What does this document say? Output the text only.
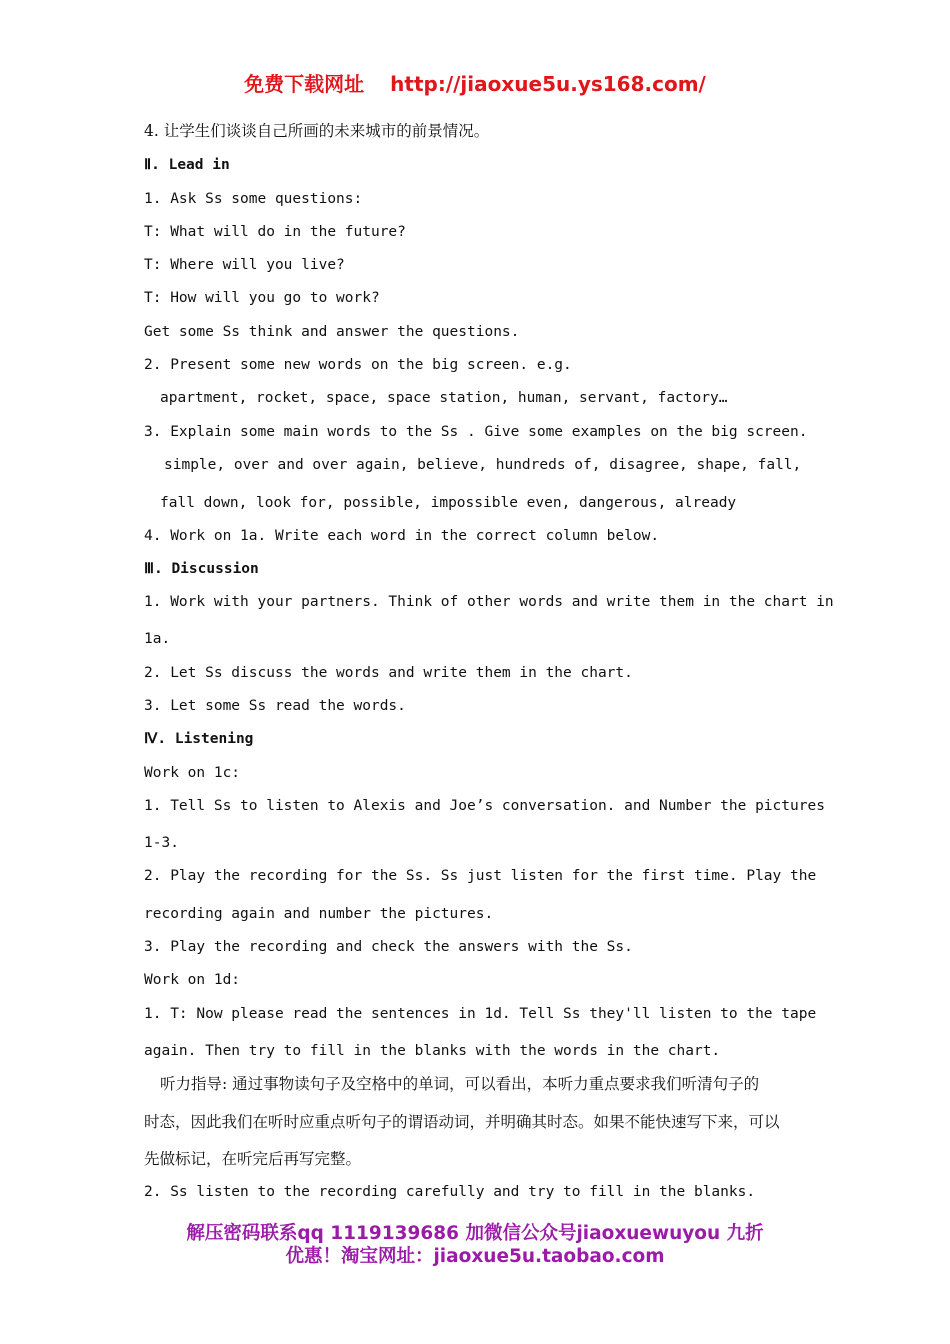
免费下载网址 http://jiaoxue5u.ys168.com/
4. 让学生们谈谈自己所画的未来城市的前景情况。
Ⅱ. Lead in
1. Ask Ss some questions:
T: What will do in the future?
T: Where will you live?
T: How will you go to work?
Get some Ss think and answer the questions.
2. Present some new words on the big screen. e.g.
apartment, rocket, space, space station, human, servant, factory…
3. Explain some main words to the Ss . Give some examples on the big screen.
simple, over and over again, believe, hundreds of, disagree, shape, fall,
fall down, look for, possible, impossible even, dangerous, already
4. Work on 1a. Write each word in the correct column below.
Ⅲ. Discussion
1. Work with your partners. Think of other words and write them in the chart in
1a.
2. Let Ss discuss the words and write them in the chart.
3. Let some Ss read the words.
Ⅳ. Listening
Work on 1c:
1. Tell Ss to listen to Alexis and Joe’s conversation. and Number the pictures
1-3.
2. Play the recording for the Ss. Ss just listen for the first time. Play the
recording again and number the pictures.
3. Play the recording and check the answers with the Ss.
Work on 1d:
1. T: Now please read the sentences in 1d. Tell Ss they'll listen to the tape
again. Then try to fill in the blanks with the words in the chart.
听力指导: 通过事物读句子及空格中的单词，可以看出，本听力重点要求我们听清句子的
时态，因此我们在听时应重点听句子的谓语动词，并明确其时态。如果不能快速写下来，可以
先做标记，在听完后再写完整。
2. Ss listen to the recording carefully and try to fill in the blanks.
解压密码联系qq 1119139686 加微信公众号jiaoxuewuyou 九折
优惠！淘宝网址：jiaoxue5u.taobao.com
